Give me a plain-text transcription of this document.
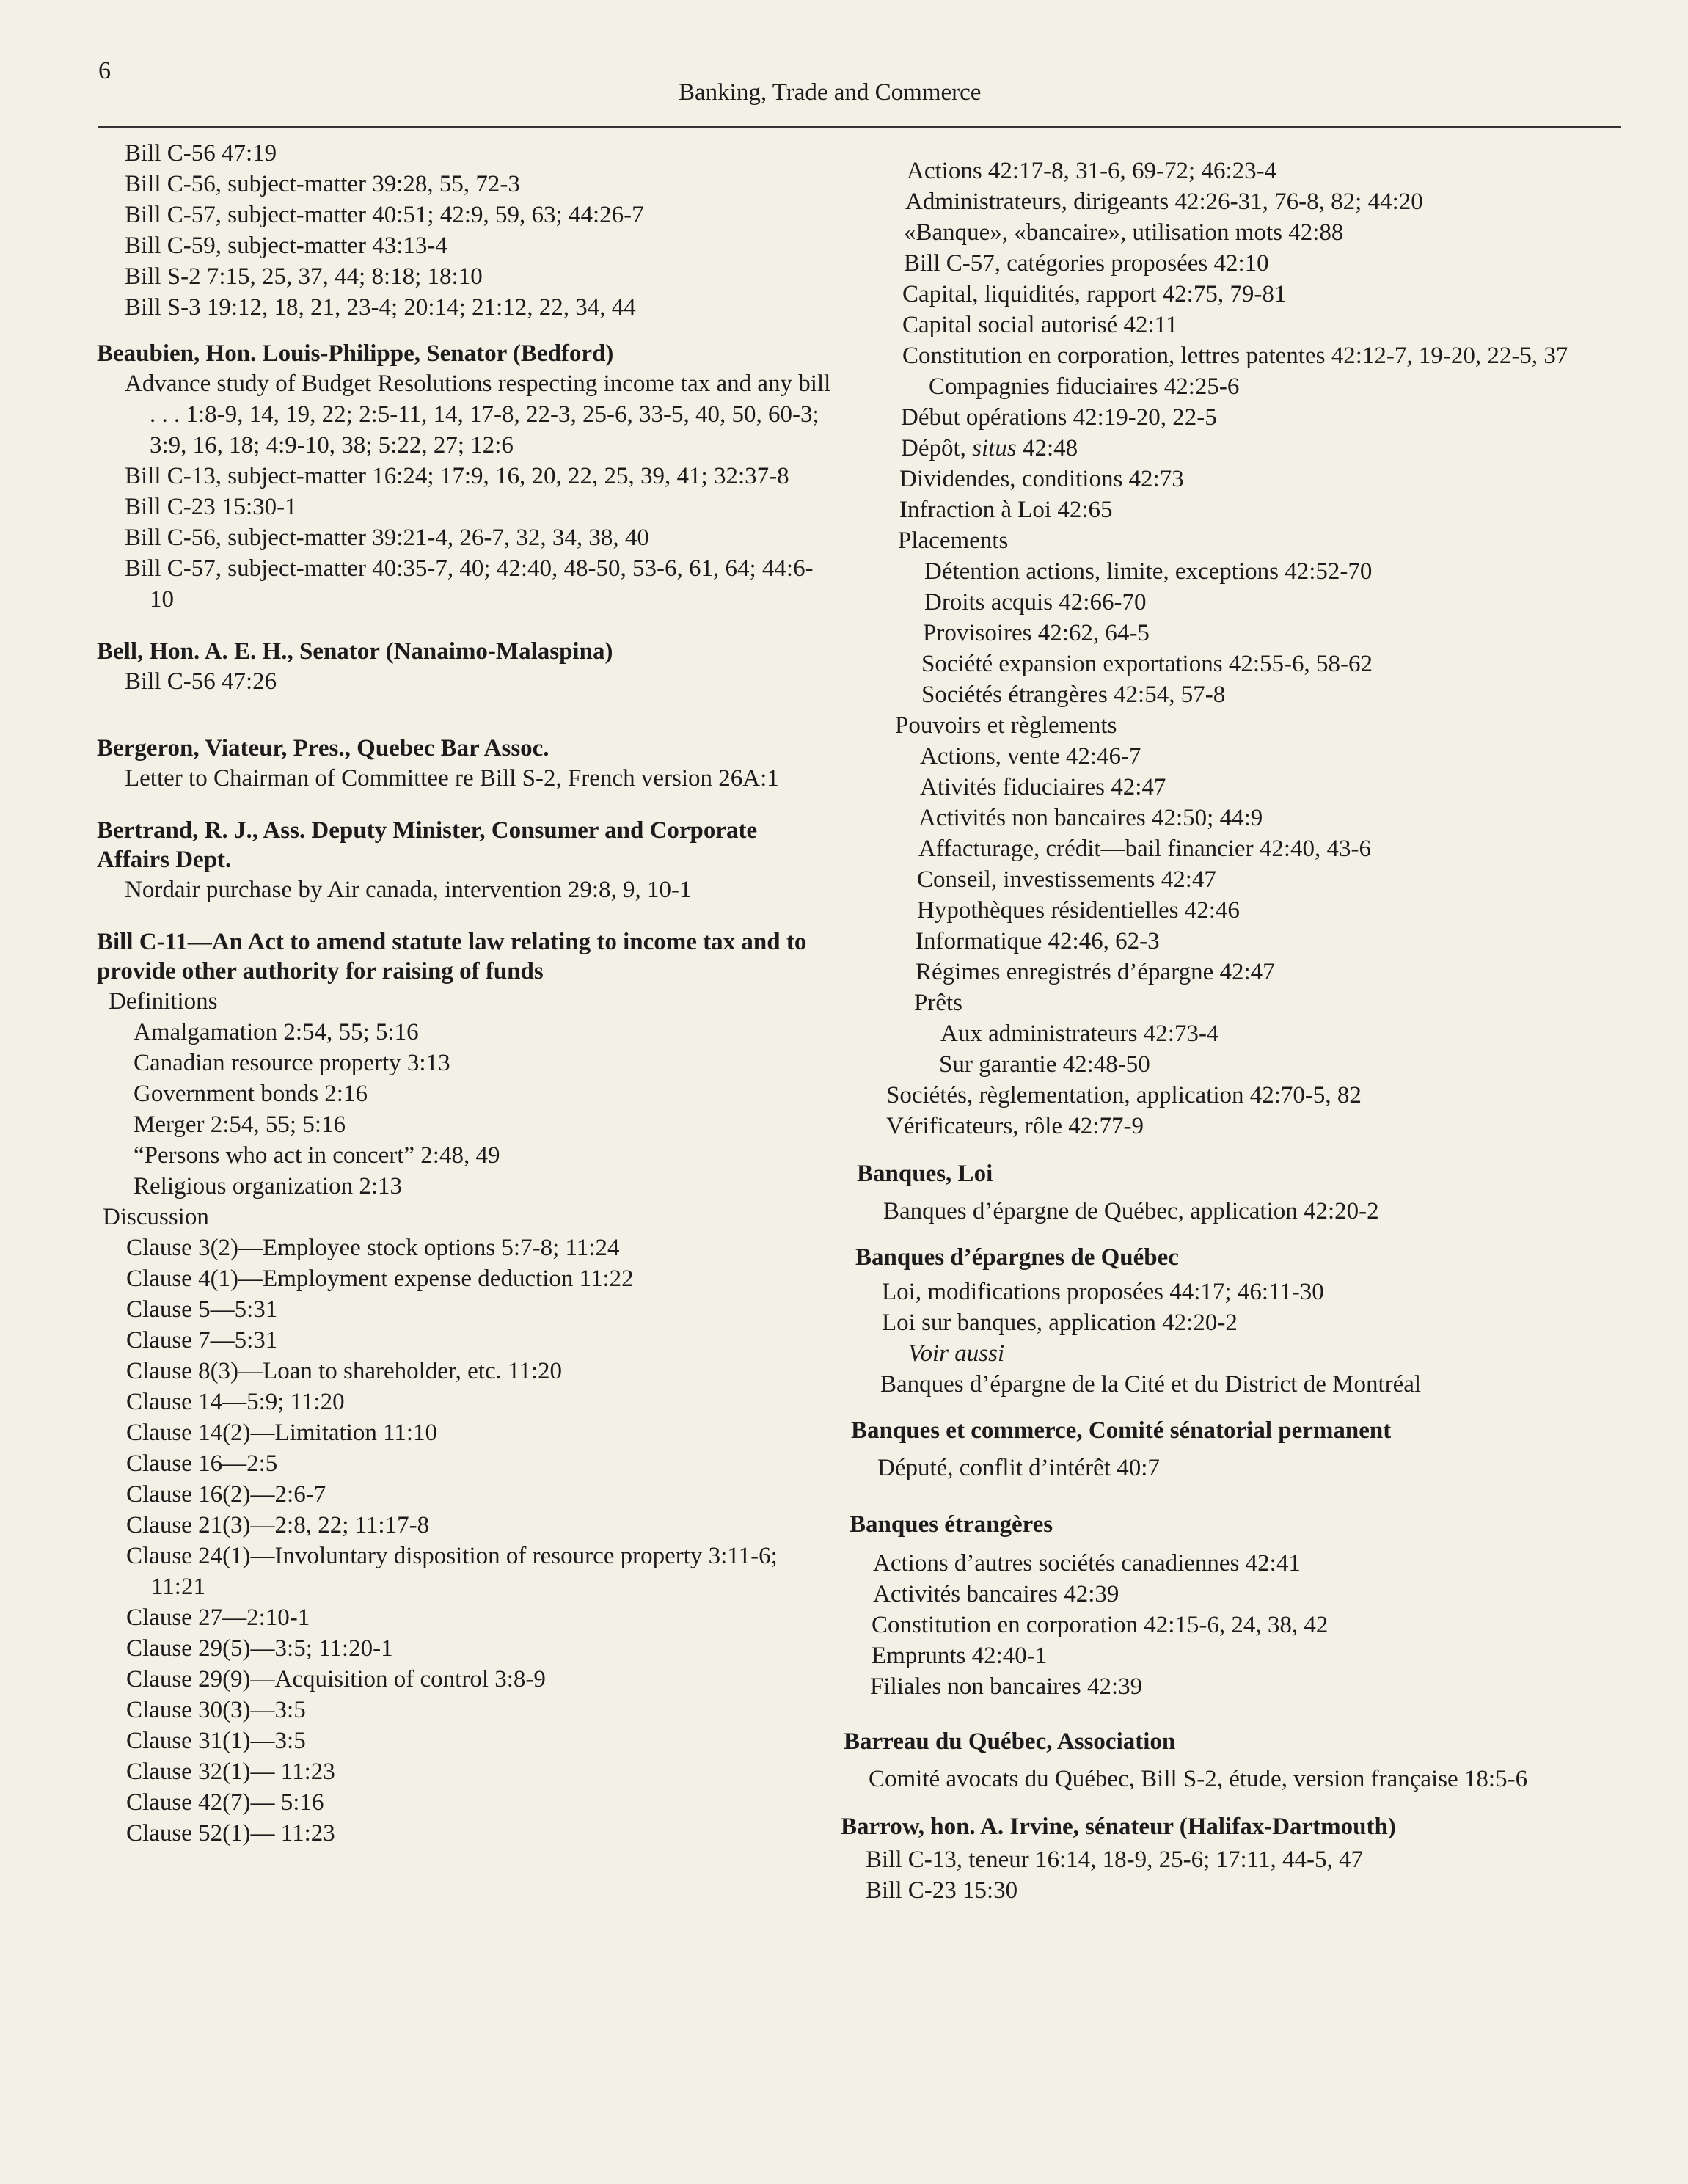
6
Banking, Trade and Commerce
Bill C-56 47:19
Bill C-56, subject-matter 39:28, 55, 72-3
Bill C-57, subject-matter 40:51; 42:9, 59, 63; 44:26-7
Bill C-59, subject-matter 43:13-4
Bill S-2 7:15, 25, 37, 44; 8:18; 18:10
Bill S-3 19:12, 18, 21, 23-4; 20:14; 21:12, 22, 34, 44
Beaubien, Hon. Louis-Philippe, Senator (Bedford)
Advance study of Budget Resolutions respecting income tax and any bill . . . 1:8-9, 14, 19, 22; 2:5-11, 14, 17-8, 22-3, 25-6, 33-5, 40, 50, 60-3; 3:9, 16, 18; 4:9-10, 38; 5:22, 27; 12:6
Bill C-13, subject-matter 16:24; 17:9, 16, 20, 22, 25, 39, 41; 32:37-8
Bill C-23 15:30-1
Bill C-56, subject-matter 39:21-4, 26-7, 32, 34, 38, 40
Bill C-57, subject-matter 40:35-7, 40; 42:40, 48-50, 53-6, 61, 64; 44:6-10
Bell, Hon. A. E. H., Senator (Nanaimo-Malaspina)
Bill C-56 47:26
Bergeron, Viateur, Pres., Quebec Bar Assoc.
Letter to Chairman of Committee re Bill S-2, French version 26A:1
Bertrand, R. J., Ass. Deputy Minister, Consumer and Corporate Affairs Dept.
Nordair purchase by Air canada, intervention 29:8, 9, 10-1
Bill C-11—An Act to amend statute law relating to income tax and to provide other authority for raising of funds
Definitions
Amalgamation 2:54, 55; 5:16
Canadian resource property 3:13
Government bonds 2:16
Merger 2:54, 55; 5:16
“Persons who act in concert” 2:48, 49
Religious organization 2:13
Discussion
Clause 3(2)—Employee stock options 5:7-8; 11:24
Clause 4(1)—Employment expense deduction 11:22
Clause 5—5:31
Clause 7—5:31
Clause 8(3)—Loan to shareholder, etc. 11:20
Clause 14—5:9; 11:20
Clause 14(2)—Limitation 11:10
Clause 16—2:5
Clause 16(2)—2:6-7
Clause 21(3)—2:8, 22; 11:17-8
Clause 24(1)—Involuntary disposition of resource property 3:11-6; 11:21
Clause 27—2:10-1
Clause 29(5)—3:5; 11:20-1
Clause 29(9)—Acquisition of control 3:8-9
Clause 30(3)—3:5
Clause 31(1)—3:5
Clause 32(1)— 11:23
Clause 42(7)— 5:16
Clause 52(1)— 11:23
Actions 42:17-8, 31-6, 69-72; 46:23-4
Administrateurs, dirigeants 42:26-31, 76-8, 82; 44:20
«Banque», «bancaire», utilisation mots 42:88
Bill C-57, catégories proposées 42:10
Capital, liquidités, rapport 42:75, 79-81
Capital social autorisé 42:11
Constitution en corporation, lettres patentes 42:12-7, 19-20, 22-5, 37
Compagnies fiduciaires 42:25-6
Début opérations 42:19-20, 22-5
Dépôt, situs 42:48
Dividendes, conditions 42:73
Infraction à Loi 42:65
Placements
Détention actions, limite, exceptions 42:52-70
Droits acquis 42:66-70
Provisoires 42:62, 64-5
Société expansion exportations 42:55-6, 58-62
Sociétés étrangères 42:54, 57-8
Pouvoirs et règlements
Actions, vente 42:46-7
Ativités fiduciaires 42:47
Activités non bancaires 42:50; 44:9
Affacturage, crédit—bail financier 42:40, 43-6
Conseil, investissements 42:47
Hypothèques résidentielles 42:46
Informatique 42:46, 62-3
Régimes enregistrés d’épargne 42:47
Prêts
Aux administrateurs 42:73-4
Sur garantie 42:48-50
Sociétés, règlementation, application 42:70-5, 82
Vérificateurs, rôle 42:77-9
Banques, Loi
Banques d’épargne de Québec, application 42:20-2
Banques d’épargnes de Québec
Loi, modifications proposées 44:17; 46:11-30
Loi sur banques, application 42:20-2
Voir aussi
Banques d’épargne de la Cité et du District de Montréal
Banques et commerce, Comité sénatorial permanent
Député, conflit d’intérêt 40:7
Banques étrangères
Actions d’autres sociétés canadiennes 42:41
Activités bancaires 42:39
Constitution en corporation 42:15-6, 24, 38, 42
Emprunts 42:40-1
Filiales non bancaires 42:39
Barreau du Québec, Association
Comité avocats du Québec, Bill S-2, étude, version française 18:5-6
Barrow, hon. A. Irvine, sénateur (Halifax-Dartmouth)
Bill C-13, teneur 16:14, 18-9, 25-6; 17:11, 44-5, 47
Bill C-23 15:30
